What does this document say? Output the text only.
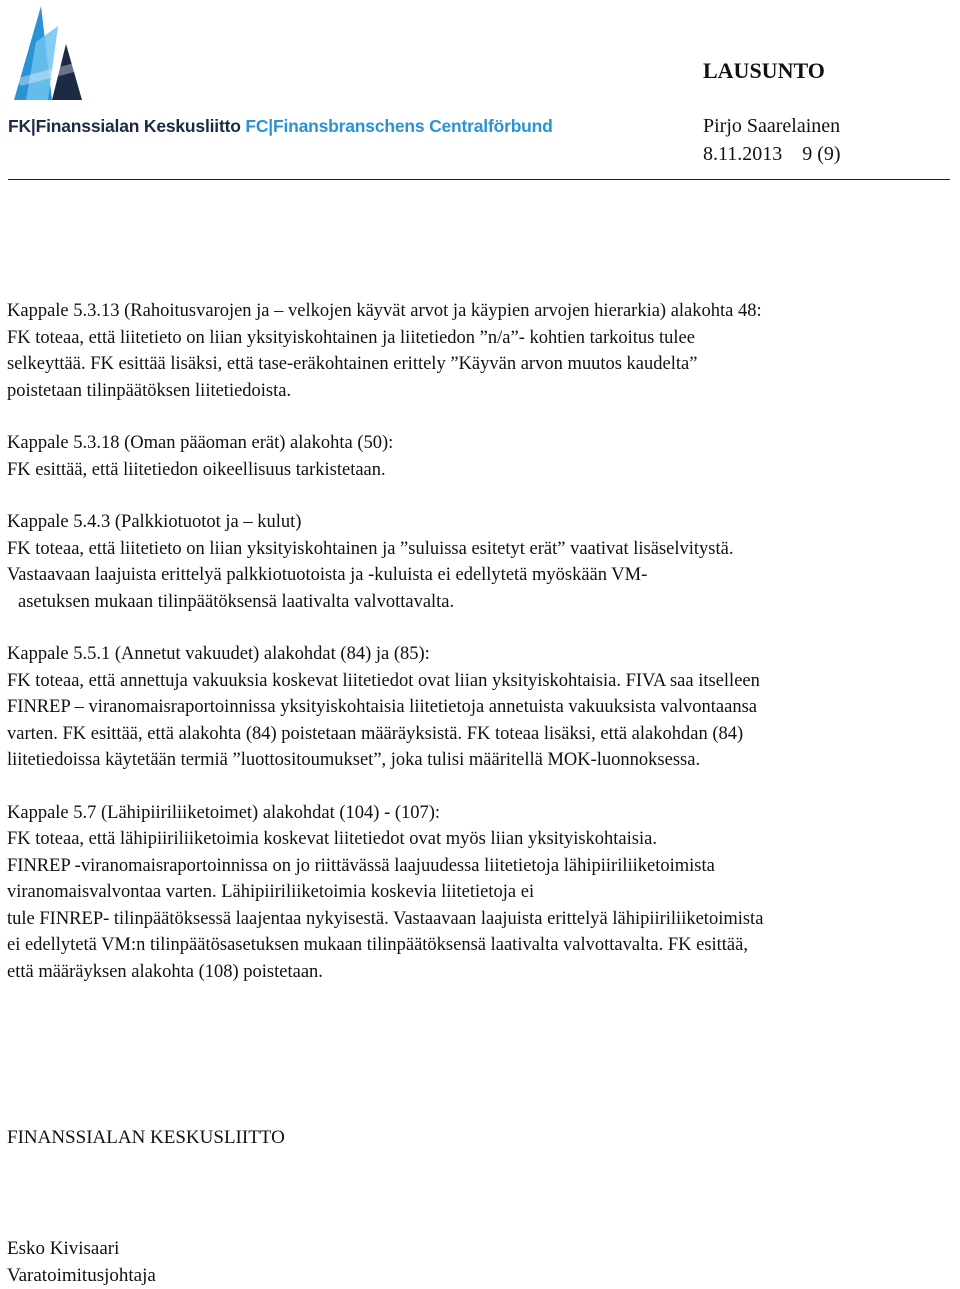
FK|Finanssialan Keskusliitto FC|Finansbranschens Centralförbund
LAUSUNTO
Pirjo Saarelainen
8.11.2013    9 (9)
Kappale 5.3.13 (Rahoitusvarojen ja – velkojen käyvät arvot ja käypien arvojen hierarkia) alakohta 48:
FK toteaa, että liitetieto on liian yksityiskohtainen ja liitetiedon ”n/a”- kohtien tarkoitus tulee
selkeyttää. FK esittää lisäksi, että tase-eräkohtainen erittely ”Käyvän arvon muutos kaudelta”
poistetaan tilinpäätöksen liitetiedoista.
Kappale 5.3.18 (Oman pääoman erät) alakohta (50):
FK esittää, että liitetiedon oikeellisuus tarkistetaan.
Kappale 5.4.3 (Palkkiotuotot ja – kulut)
FK toteaa, että liitetieto on liian yksityiskohtainen ja ”suluissa esitetyt erät” vaativat lisäselvitystä.
Vastaavaan laajuista erittelyä palkkiotuotoista ja -kuluista ei edellytetä myöskään VM-
asetuksen mukaan tilinpäätöksensä laativalta valvottavalta.
Kappale 5.5.1 (Annetut vakuudet) alakohdat (84) ja (85):
FK toteaa, että annettuja vakuuksia koskevat liitetiedot ovat liian yksityiskohtaisia. FIVA saa itselleen
FINREP – viranomaisraportoinnissa yksityiskohtaisia liitetietoja annetuista vakuuksista valvontaansa
varten. FK esittää, että alakohta (84) poistetaan määräyksistä. FK toteaa lisäksi, että alakohdan (84)
liitetiedoissa käytetään termiä ”luottositoumukset”, joka tulisi määritellä MOK-luonnoksessa.
Kappale 5.7 (Lähipiiriliiketoimet) alakohdat (104) - (107):
FK toteaa, että lähipiiriliiketoimia koskevat liitetiedot ovat myös liian yksityiskohtaisia.
FINREP -viranomaisraportoinnissa on jo riittävässä laajuudessa liitetietoja lähipiiriliiketoimista
viranomaisvalvontaa varten. Lähipiiriliiketoimia koskevia liitetietoja ei
tule FINREP- tilinpäätöksessä laajentaa nykyisestä. Vastaavaan laajuista erittelyä lähipiiriliiketoimista
ei edellytetä VM:n tilinpäätösasetuksen mukaan tilinpäätöksensä laativalta valvottavalta. FK esittää,
että määräyksen alakohta (108) poistetaan.
FINANSSIALAN KESKUSLIITTO
Esko Kivisaari
Varatoimitusjohtaja
